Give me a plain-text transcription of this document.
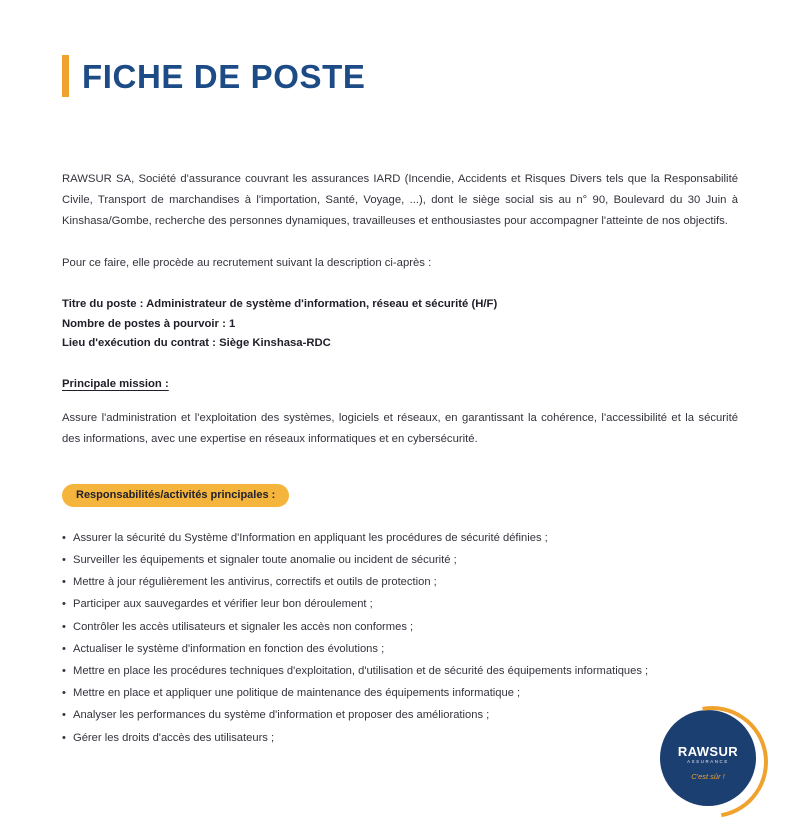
FICHE DE POSTE

RAWSUR SA, Société d'assurance couvrant les assurances IARD (Incendie, Accidents et Risques Divers tels que la Responsabilité Civile, Transport de marchandises à l'importation, Santé, Voyage, ...), dont le siège social sis au n° 90, Boulevard du 30 Juin à Kinshasa/Gombe, recherche des personnes dynamiques, travailleuses et enthousiastes pour accompagner l'atteinte de nos objectifs.

Pour ce faire, elle procède au recrutement suivant la description ci-après :

Titre du poste : Administrateur de système d'information, réseau et sécurité (H/F)
Nombre de postes à pourvoir : 1
Lieu d'exécution du contrat : Siège Kinshasa-RDC
Principale mission :

Assure l'administration et l'exploitation des systèmes, logiciels et réseaux, en garantissant la cohérence, l'accessibilité et la sécurité des informations, avec une expertise en réseaux informatiques et en cybersécurité.

Responsabilités/activités principales :
• Assurer la sécurité du Système d'Information en appliquant les procédures de sécurité définies ;
• Surveiller les équipements et signaler toute anomalie ou incident de sécurité ;
• Mettre à jour régulièrement les antivirus, correctifs et outils de protection ;
• Participer aux sauvegardes et vérifier leur bon déroulement ;
• Contrôler les accès utilisateurs et signaler les accès non conformes ;
• Actualiser le système d'information en fonction des évolutions ;
• Mettre en place les procédures techniques d'exploitation, d'utilisation et de sécurité des équipements informatiques ;
• Mettre en place et appliquer une politique de maintenance des équipements informatique ;
• Analyser les performances du système d'information et proposer des améliorations ;
• Gérer les droits d'accès des utilisateurs ;
RAWSUR
ASSURANCE
C'est sûr !
